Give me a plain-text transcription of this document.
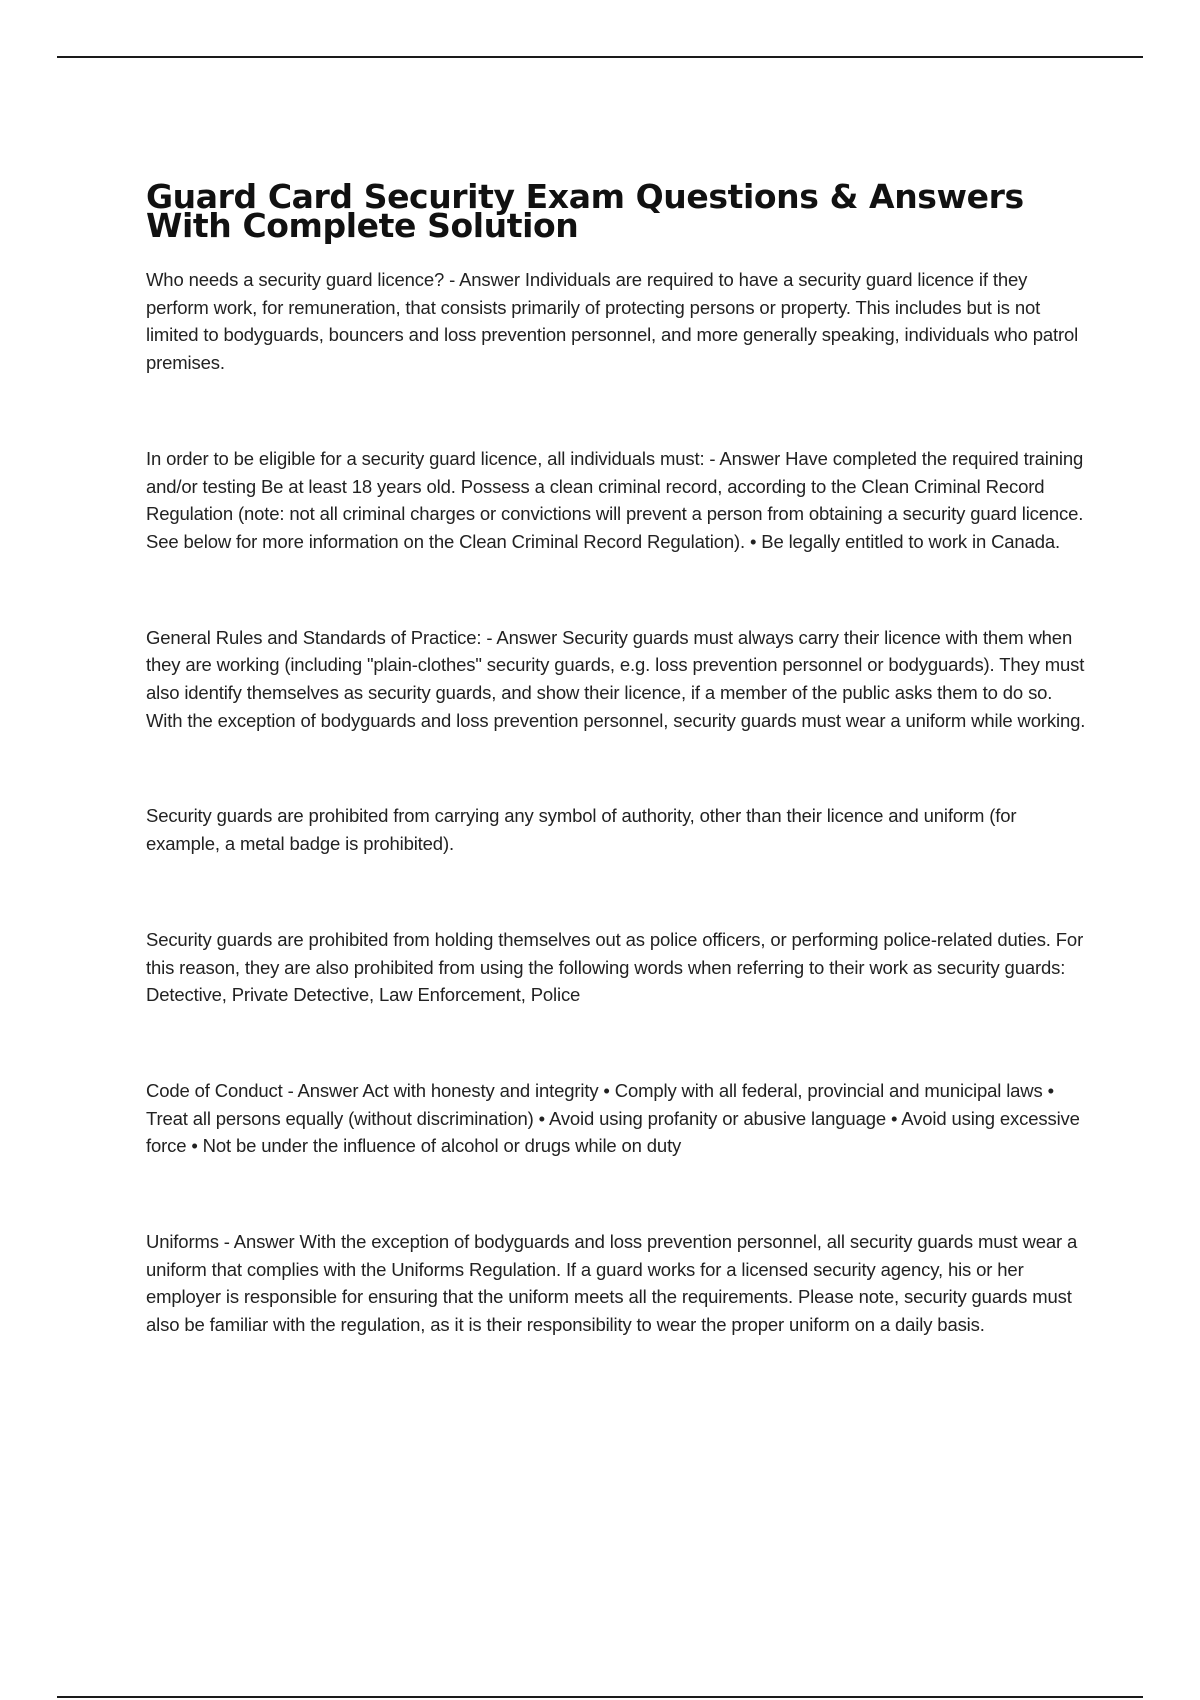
Guard Card Security Exam Questions & Answers With Complete Solution

Who needs a security guard licence? - Answer Individuals are required to have a security guard licence if they perform work, for remuneration, that consists primarily of protecting persons or property. This includes but is not limited to bodyguards, bouncers and loss prevention personnel, and more generally speaking, individuals who patrol premises.

In order to be eligible for a security guard licence, all individuals must: - Answer Have completed the required training and/or testing Be at least 18 years old. Possess a clean criminal record, according to the Clean Criminal Record Regulation (note: not all criminal charges or convictions will prevent a person from obtaining a security guard licence. See below for more information on the Clean Criminal Record Regulation). • Be legally entitled to work in Canada.

General Rules and Standards of Practice: - Answer Security guards must always carry their licence with them when they are working (including "plain-clothes" security guards, e.g. loss prevention personnel or bodyguards). They must also identify themselves as security guards, and show their licence, if a member of the public asks them to do so. With the exception of bodyguards and loss prevention personnel, security guards must wear a uniform while working.

Security guards are prohibited from carrying any symbol of authority, other than their licence and uniform (for example, a metal badge is prohibited).

Security guards are prohibited from holding themselves out as police officers, or performing police-related duties. For this reason, they are also prohibited from using the following words when referring to their work as security guards: Detective, Private Detective, Law Enforcement, Police

Code of Conduct - Answer Act with honesty and integrity • Comply with all federal, provincial and municipal laws • Treat all persons equally (without discrimination) • Avoid using profanity or abusive language • Avoid using excessive force • Not be under the influence of alcohol or drugs while on duty

Uniforms - Answer With the exception of bodyguards and loss prevention personnel, all security guards must wear a uniform that complies with the Uniforms Regulation. If a guard works for a licensed security agency, his or her employer is responsible for ensuring that the uniform meets all the requirements. Please note, security guards must also be familiar with the regulation, as it is their responsibility to wear the proper uniform on a daily basis.
